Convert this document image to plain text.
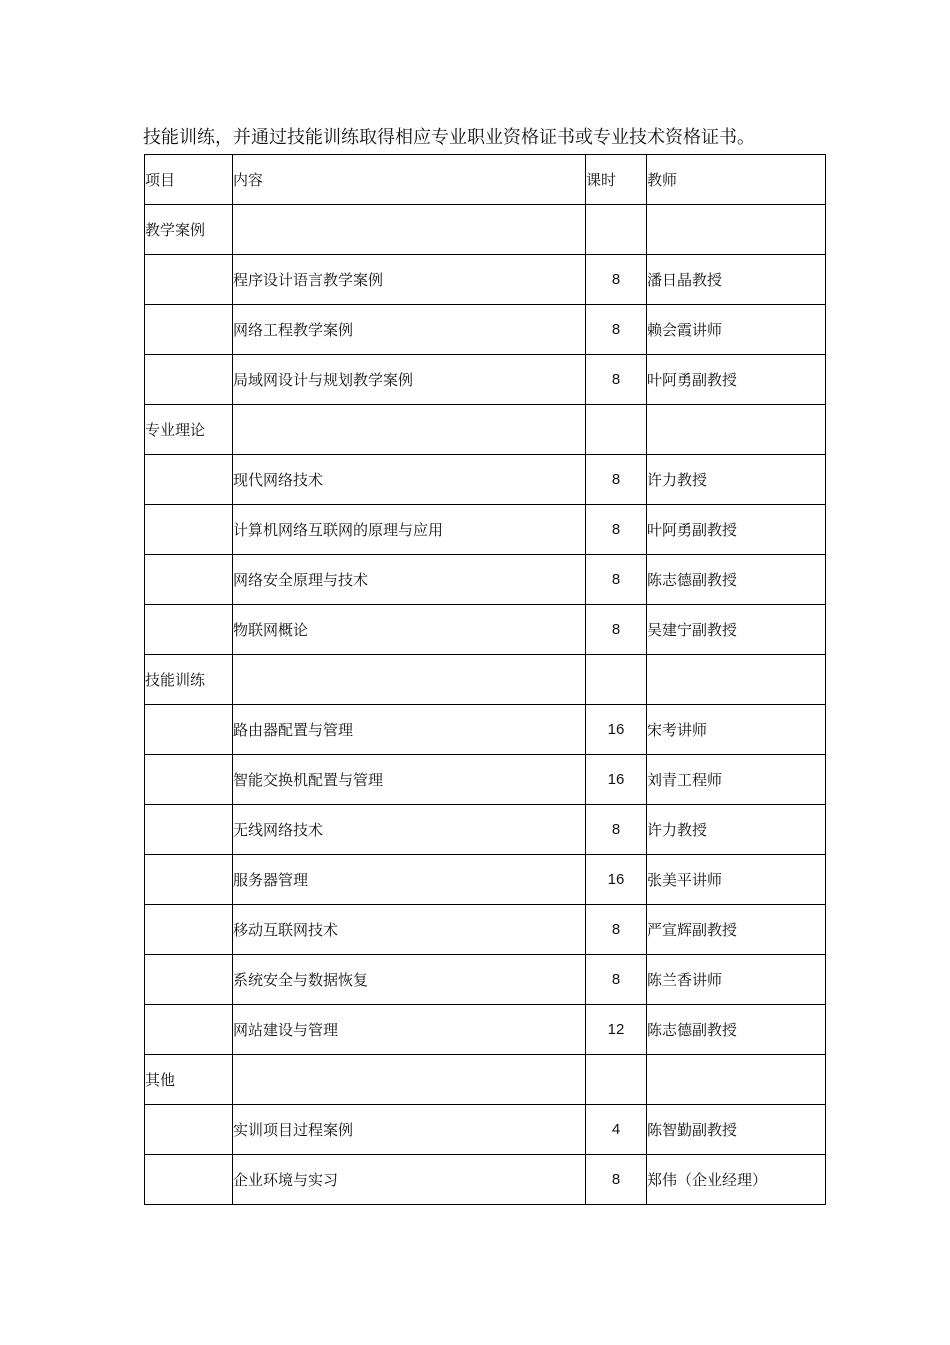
技能训练，并通过技能训练取得相应专业职业资格证书或专业技术资格证书。
项目	内容	课时	教师
教学案例			
	程序设计语言教学案例	8	潘日晶教授
	网络工程教学案例	8	赖会霞讲师
	局域网设计与规划教学案例	8	叶阿勇副教授
专业理论			
	现代网络技术	8	许力教授
	计算机网络互联网的原理与应用	8	叶阿勇副教授
	网络安全原理与技术	8	陈志德副教授
	物联网概论	8	吴建宁副教授
技能训练			
	路由器配置与管理	16	宋考讲师
	智能交换机配置与管理	16	刘青工程师
	无线网络技术	8	许力教授
	服务器管理	16	张美平讲师
	移动互联网技术	8	严宣辉副教授
	系统安全与数据恢复	8	陈兰香讲师
	网站建设与管理	12	陈志德副教授
其他			
	实训项目过程案例	4	陈智勤副教授
	企业环境与实习	8	郑伟（企业经理）
